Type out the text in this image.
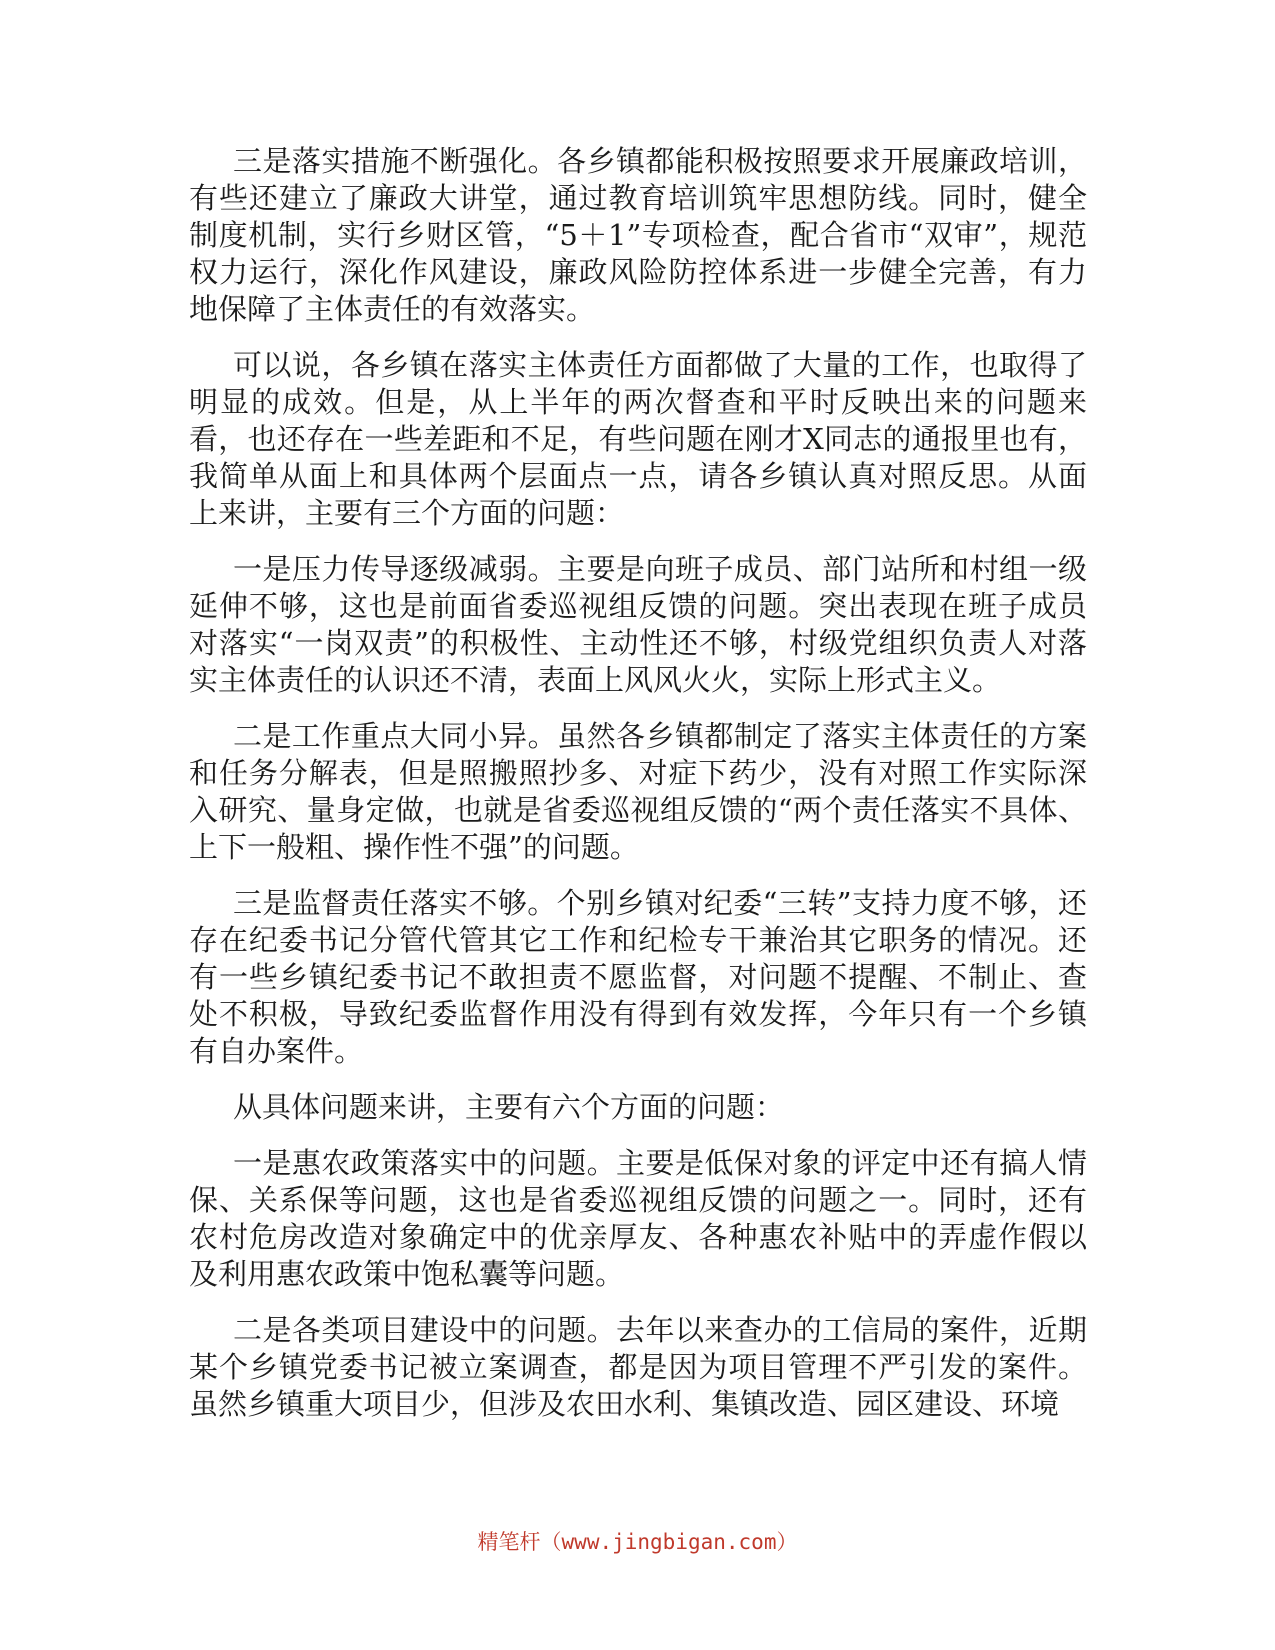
三是落实措施不断强化。各乡镇都能积极按照要求开展廉政培训，有些还建立了廉政大讲堂，通过教育培训筑牢思想防线。同时，健全制度机制，实行乡财区管，“5＋1”专项检查，配合省市“双审”，规范权力运行，深化作风建设，廉政风险防控体系进一步健全完善，有力地保障了主体责任的有效落实。

可以说，各乡镇在落实主体责任方面都做了大量的工作，也取得了明显的成效。但是，从上半年的两次督查和平时反映出来的问题来看，也还存在一些差距和不足，有些问题在刚才X同志的通报里也有，我简单从面上和具体两个层面点一点，请各乡镇认真对照反思。从面上来讲，主要有三个方面的问题：

一是压力传导逐级减弱。主要是向班子成员、部门站所和村组一级延伸不够，这也是前面省委巡视组反馈的问题。突出表现在班子成员对落实“一岗双责”的积极性、主动性还不够，村级党组织负责人对落实主体责任的认识还不清，表面上风风火火，实际上形式主义。

二是工作重点大同小异。虽然各乡镇都制定了落实主体责任的方案和任务分解表，但是照搬照抄多、对症下药少，没有对照工作实际深入研究、量身定做，也就是省委巡视组反馈的“两个责任落实不具体、上下一般粗、操作性不强”的问题。

三是监督责任落实不够。个别乡镇对纪委“三转”支持力度不够，还存在纪委书记分管代管其它工作和纪检专干兼治其它职务的情况。还有一些乡镇纪委书记不敢担责不愿监督，对问题不提醒、不制止、查处不积极，导致纪委监督作用没有得到有效发挥，今年只有一个乡镇有自办案件。

从具体问题来讲，主要有六个方面的问题：

一是惠农政策落实中的问题。主要是低保对象的评定中还有搞人情保、关系保等问题，这也是省委巡视组反馈的问题之一。同时，还有农村危房改造对象确定中的优亲厚友、各种惠农补贴中的弄虚作假以及利用惠农政策中饱私囊等问题。

二是各类项目建设中的问题。去年以来查办的工信局的案件，近期某个乡镇党委书记被立案调查，都是因为项目管理不严引发的案件。虽然乡镇重大项目少，但涉及农田水利、集镇改造、园区建设、环境

精笔杆（www.jingbigan.com）
